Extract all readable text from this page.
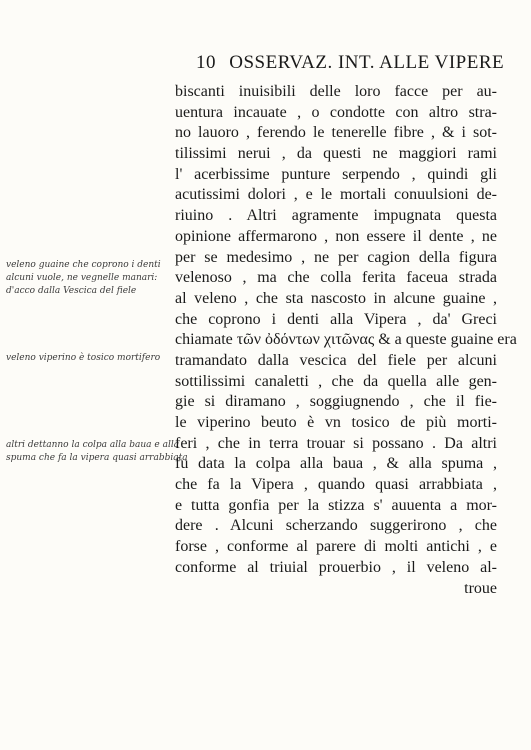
10 OSSERVAZ. INT. ALLE VIPERE
veleno guaine che coprono i denti
alcuni vuole, ne vegnelle manari:
d'acco dalla Vescica del fiele
veleno viperino è tosico mortifero
altri dettanno la colpa alla baua e alla
spuma che fa la vipera quasi arrabbiata
biscanti inuisibili delle loro facce per au-
uentura incauate , o condotte con altro stra-
no lauoro , ferendo le tenerelle fibre , & i sot-
tilissimi nerui , da questi ne maggiori rami
l' acerbissime punture serpendo , quindi gli
acutissimi dolori , e le mortali conuulsioni de-
riuino . Altri agramente impugnata questa
opinione affermarono , non essere il dente , ne
per se medesimo , ne per cagion della figura
velenoso , ma che colla ferita faceua strada
al veleno , che sta nascosto in alcune guaine ,
che coprono i denti alla Vipera , da' Greci
chiamate τῶν ὀδόντων χιτῶνας & a queste guaine era
tramandato dalla vescica del fiele per alcuni
sottilissimi canaletti , che da quella alle gen-
gie si diramano , soggiugnendo , che il fie-
le viperino beuto è vn tosico de più morti-
feri , che in terra trouar si possano . Da altri
fu data la colpa alla baua , & alla spuma ,
che fa la Vipera , quando quasi arrabbiata ,
e tutta gonfia per la stizza s' auuenta a mor-
dere . Alcuni scherzando suggerirono , che
forse , conforme al parere di molti antichi , e
conforme al triuial prouerbio , il veleno al-
troue
